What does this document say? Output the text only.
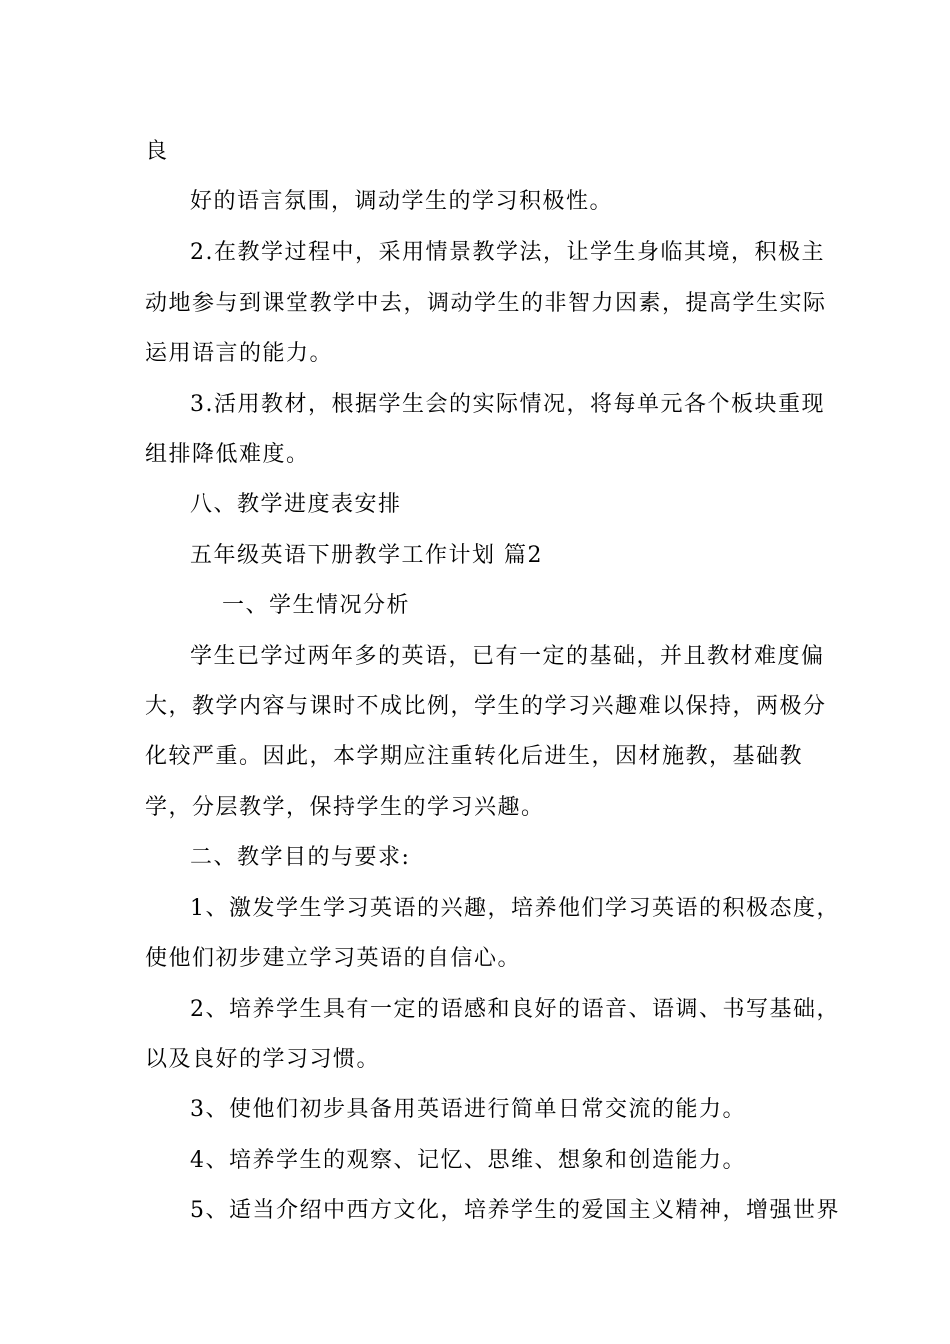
良
好的语言氛围，调动学生的学习积极性。
2.在教学过程中，采用情景教学法，让学生身临其境，积极主
动地参与到课堂教学中去，调动学生的非智力因素，提高学生实际
运用语言的能力。
3.活用教材，根据学生会的实际情况，将每单元各个板块重现
组排降低难度。
八、教学进度表安排
五年级英语下册教学工作计划 篇2
一、学生情况分析
学生已学过两年多的英语，已有一定的基础，并且教材难度偏
大，教学内容与课时不成比例，学生的学习兴趣难以保持，两极分
化较严重。因此，本学期应注重转化后进生，因材施教，基础教
学，分层教学，保持学生的学习兴趣。
二、教学目的与要求:
1、激发学生学习英语的兴趣，培养他们学习英语的积极态度，
使他们初步建立学习英语的自信心。
2、培养学生具有一定的语感和良好的语音、语调、书写基础，
以及良好的学习习惯。
3、使他们初步具备用英语进行简单日常交流的能力。
4、培养学生的观察、记忆、思维、想象和创造能力。
5、适当介绍中西方文化，培养学生的爱国主义精神，增强世界
